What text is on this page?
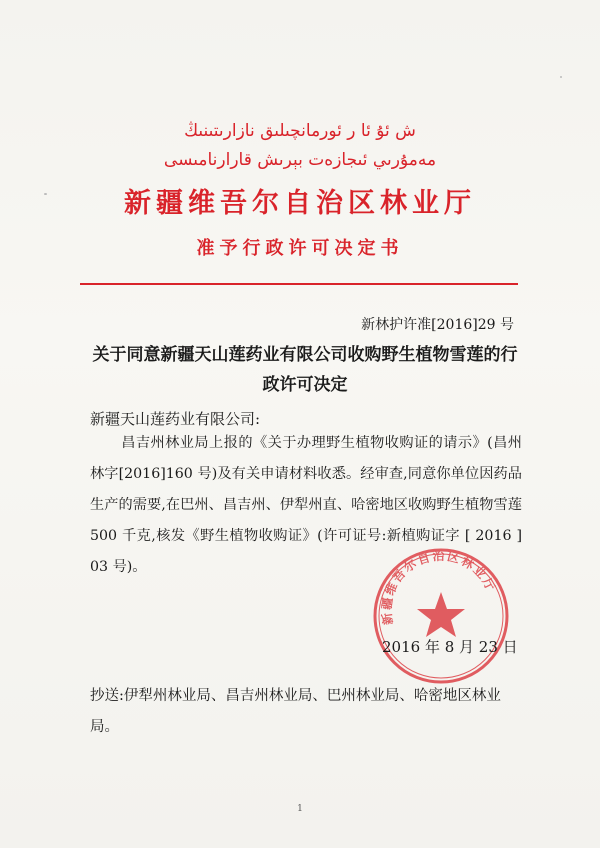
ش ئۇ ئا ر ئورمانچىلىق نازارىتىنىڭ
مەمۇرىي ئىجازەت بېرىش قارارنامىسى
新疆维吾尔自治区林业厅
准予行政许可决定书
新林护许准[2016]29 号
关于同意新疆天山莲药业有限公司收购野生植物雪莲的行政许可决定
新疆天山莲药业有限公司:
昌吉州林业局上报的《关于办理野生植物收购证的请示》(昌州林字[2016]160 号)及有关申请材料收悉。经审查,同意你单位因药品生产的需要,在巴州、昌吉州、伊犁州直、哈密地区收购野生植物雪莲 500 千克,核发《野生植物收购证》(许可证号:新植购证字 [ 2016 ] 03 号)。
新疆维吾尔自治区林业厅
2016 年 8 月 23 日
抄送:伊犁州林业局、昌吉州林业局、巴州林业局、哈密地区林业局。
1
